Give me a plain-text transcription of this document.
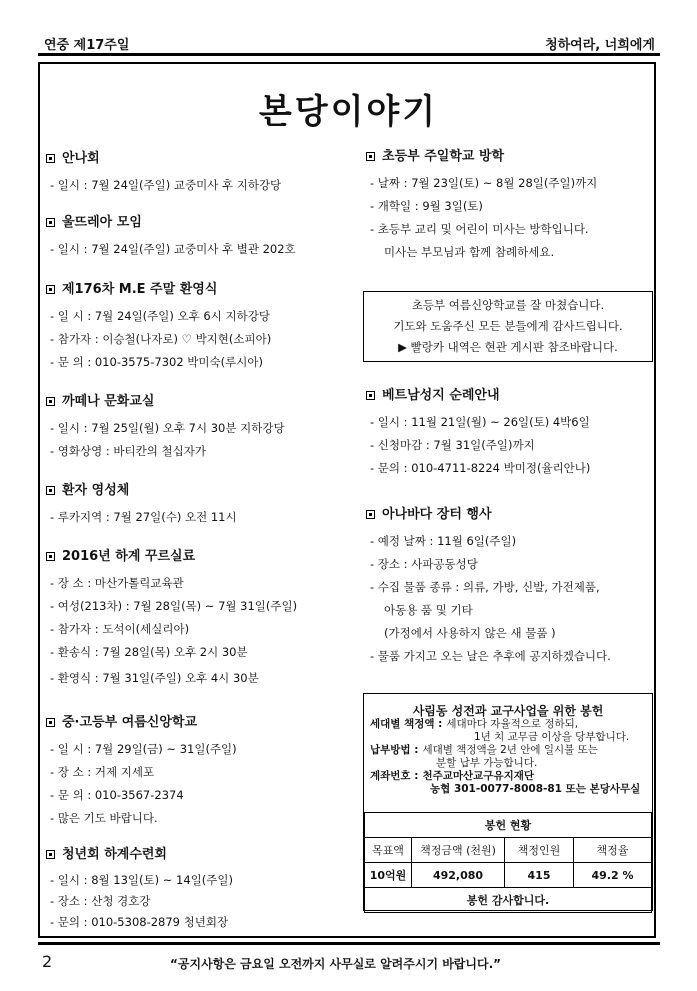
연중 제17주일	청하여라, 너희에게
본당이야기
안나회
- 일시 : 7월 24일(주일) 교중미사 후 지하강당
울뜨레아 모임
- 일시 : 7월 24일(주일) 교중미사 후 별관 202호
제176차 M.E 주말 환영식
- 일 시 : 7월 24일(주일) 오후 6시 지하강당
- 참가자 : 이승철(나자로) ♡ 박지현(소피아)
- 문 의 : 010-3575-7302 박미숙(루시아)
까떼나 문화교실
- 일시 : 7월 25일(월) 오후 7시 30분 지하강당
- 영화상영 : 바티칸의 철십자가
환자 영성체
- 루카지역 : 7월 27일(수) 오전 11시
2016년 하계 꾸르실료
- 장 소 : 마산가톨릭교육관
- 여성(213차) : 7월 28일(목) ~ 7월 31일(주일)
- 참가자 : 도석이(세실리아)
- 환송식 : 7월 28일(목) 오후 2시 30분
- 환영식 : 7월 31일(주일) 오후 4시 30분
중·고등부 여름신앙학교
- 일 시 : 7월 29일(금) ~ 31일(주일)
- 장 소 : 거제 지세포
- 문 의 : 010-3567-2374
- 많은 기도 바랍니다.
청년회 하계수련회
- 일시 : 8월 13일(토) ~ 14일(주일)
- 장소 : 산청 경호강
- 문의 : 010-5308-2879 청년회장
초등부 주일학교 방학
- 날짜 : 7월 23일(토) ~ 8월 28일(주일)까지
- 개학일 : 9월 3일(토)
- 초등부 교리 및 어린이 미사는 방학입니다.
미사는 부모님과 함께 참례하세요.
초등부 여름신앙학교를 잘 마쳤습니다.
기도와 도움주신 모든 분들에게 감사드립니다.
▶ 빨랑카 내역은 현관 게시판 참조바랍니다.
베트남성지 순례안내
- 일시 : 11월 21일(월) ~ 26일(토) 4박6일
- 신청마감 : 7월 31일(주일)까지
- 문의 : 010-4711-8224 박미정(율리안나)
아나바다 장터 행사
- 예정 날짜 : 11월 6일(주일)
- 장소 : 사파공동성당
- 수집 물품 종류 : 의류, 가방, 신발, 가전제품,
아동용 품 및 기타
(가정에서 사용하지 않은 새 물품 )
- 물품 가지고 오는 날은 추후에 공지하겠습니다.
사림동 성전과 교구사업을 위한 봉헌
세대별 책정액 : 세대마다 자율적으로 정하되,
1년 치 교무금 이상을 당부합니다.
납부방법 : 세대별 책정액을 2년 안에 일시불 또는
분할 납부 가능합니다.
계좌번호 : 천주교마산교구유지재단
농협 301-0077-8008-81 또는 본당사무실
봉헌 현황			
목표액	책정금액 (천원)	책정인원	책정율
10억원	492,080	415	49.2 %
봉헌 감사합니다.			
2	“공지사항은 금요일 오전까지 사무실로 알려주시기 바랍니다.”
